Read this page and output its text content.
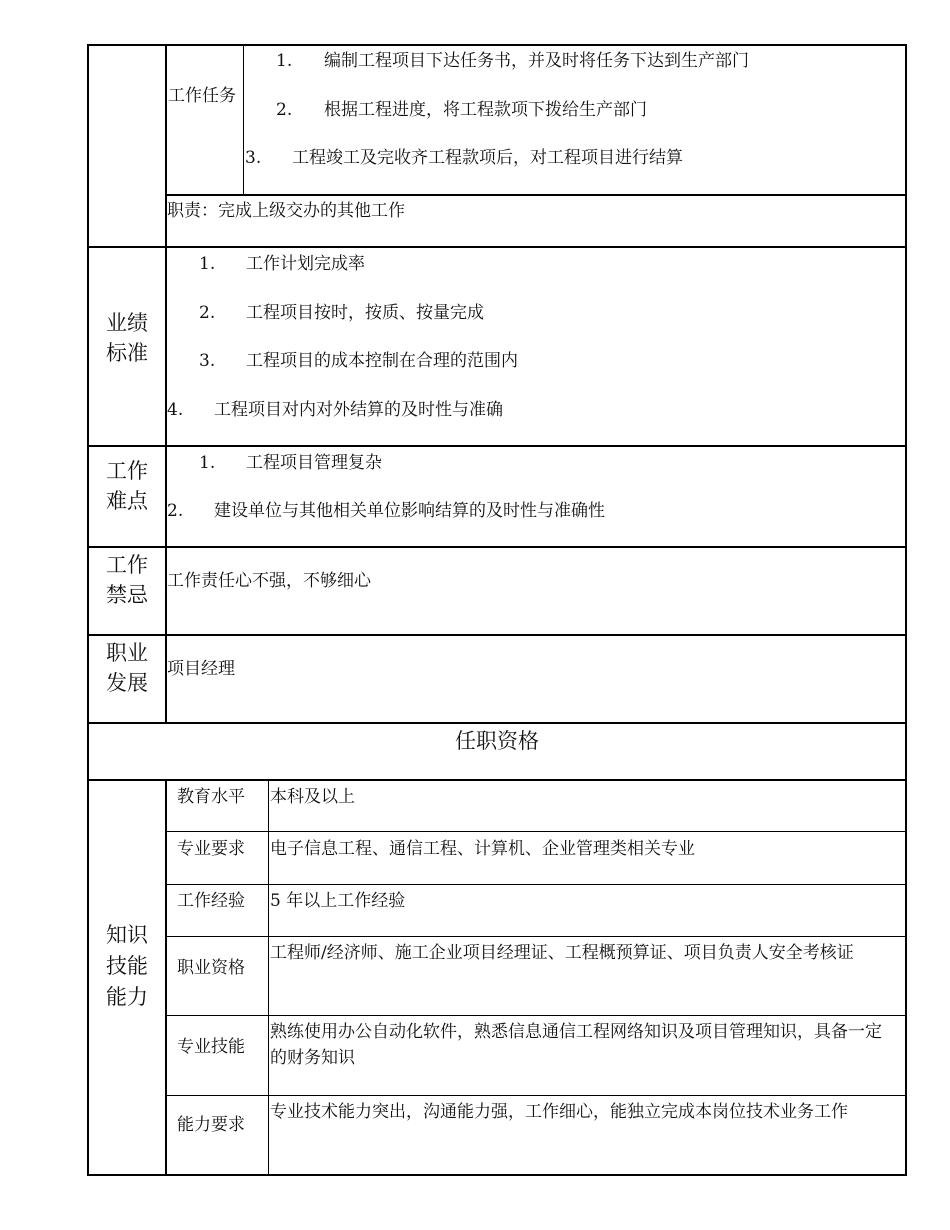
工作任务
1. 编制工程项目下达任务书，并及时将任务下达到生产部门
2. 根据工程进度，将工程款项下拨给生产部门
3. 工程竣工及完收齐工程款项后，对工程项目进行结算
职责：完成上级交办的其他工作
业绩标准
1. 工作计划完成率
2. 工程项目按时，按质、按量完成
3. 工程项目的成本控制在合理的范围内
4. 工程项目对内对外结算的及时性与准确
工作难点
1. 工程项目管理复杂
2. 建设单位与其他相关单位影响结算的及时性与准确性
工作禁忌
工作责任心不强，不够细心
职业发展
项目经理
任职资格
知识技能能力
教育水平 本科及以上
专业要求 电子信息工程、通信工程、计算机、企业管理类相关专业
工作经验 5 年以上工作经验
职业资格
工程师/经济师、施工企业项目经理证、工程概预算证、项目负责人安全考核证
专业技能
熟练使用办公自动化软件，熟悉信息通信工程网络知识及项目管理知识，具备一定的财务知识
能力要求
专业技术能力突出，沟通能力强，工作细心，能独立完成本岗位技术业务工作
